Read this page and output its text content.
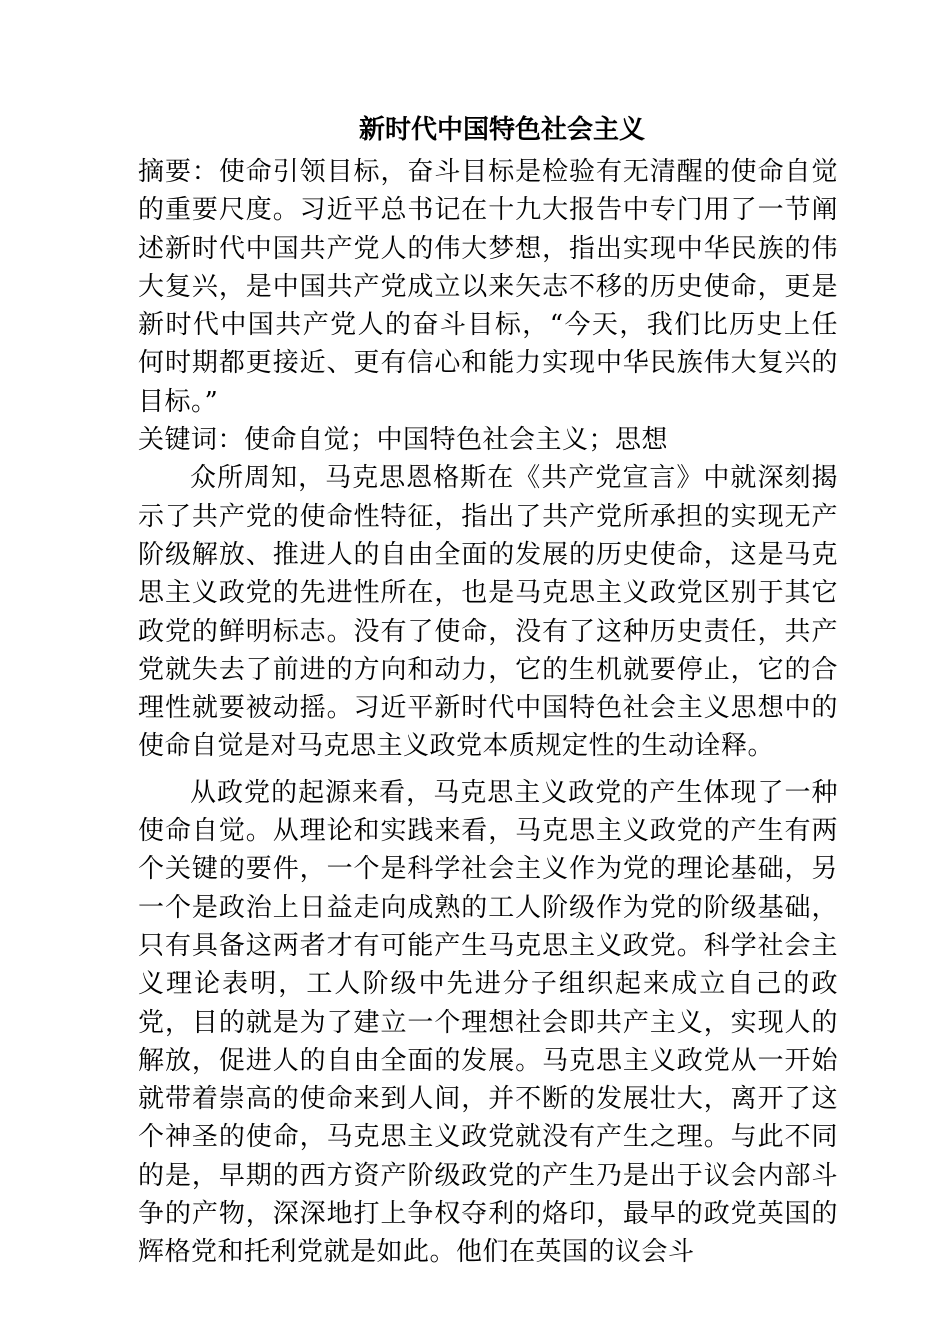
新时代中国特色社会主义

摘要：使命引领目标，奋斗目标是检验有无清醒的使命自觉的重要尺度。习近平总书记在十九大报告中专门用了一节阐述新时代中国共产党人的伟大梦想，指出实现中华民族的伟大复兴，是中国共产党成立以来矢志不移的历史使命，更是新时代中国共产党人的奋斗目标，“今天，我们比历史上任何时期都更接近、更有信心和能力实现中华民族伟大复兴的目标。”

关键词：使命自觉；中国特色社会主义；思想

众所周知，马克思恩格斯在《共产党宣言》中就深刻揭示了共产党的使命性特征，指出了共产党所承担的实现无产阶级解放、推进人的自由全面的发展的历史使命，这是马克思主义政党的先进性所在，也是马克思主义政党区别于其它政党的鲜明标志。没有了使命，没有了这种历史责任，共产党就失去了前进的方向和动力，它的生机就要停止，它的合理性就要被动摇。习近平新时代中国特色社会主义思想中的使命自觉是对马克思主义政党本质规定性的生动诠释。

从政党的起源来看，马克思主义政党的产生体现了一种使命自觉。从理论和实践来看，马克思主义政党的产生有两个关键的要件，一个是科学社会主义作为党的理论基础，另一个是政治上日益走向成熟的工人阶级作为党的阶级基础，只有具备这两者才有可能产生马克思主义政党。科学社会主义理论表明，工人阶级中先进分子组织起来成立自己的政党，目的就是为了建立一个理想社会即共产主义，实现人的解放，促进人的自由全面的发展。马克思主义政党从一开始就带着崇高的使命来到人间，并不断的发展壮大，离开了这个神圣的使命，马克思主义政党就没有产生之理。与此不同的是，早期的西方资产阶级政党的产生乃是出于议会内部斗争的产物，深深地打上争权夺利的烙印，最早的政党英国的辉格党和托利党就是如此。他们在英国的议会斗
